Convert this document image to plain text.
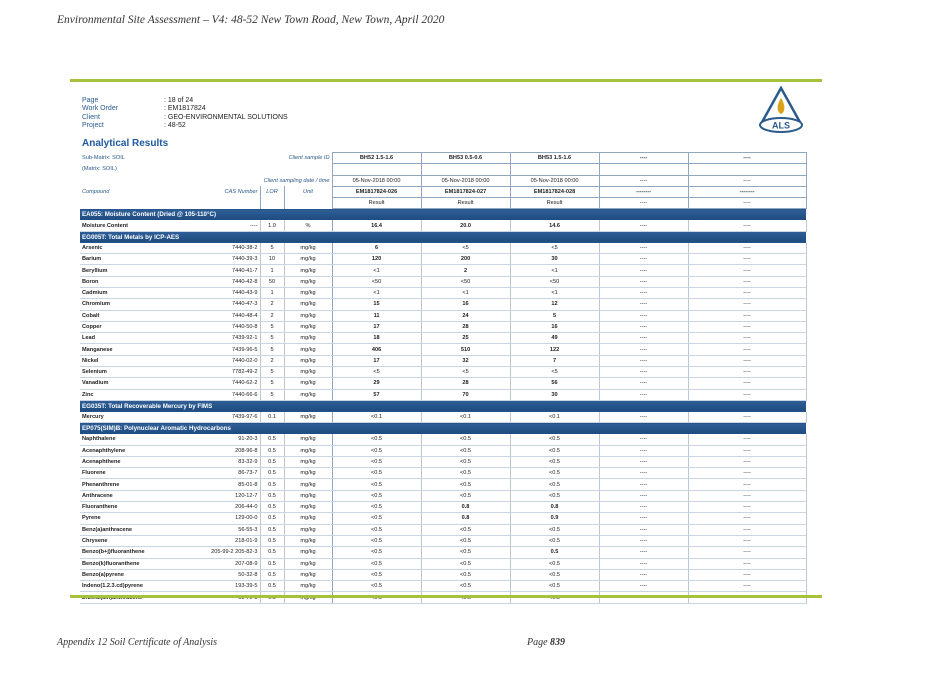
Environmental Site Assessment – V4: 48-52 New Town Road, New Town, April 2020
Page	: 18 of 24
Work Order	: EM1817824
Client	: GEO-ENVIRONMENTAL SOLUTIONS
Project	: 48-52	ALS
Analytical Results
Sub-Matrix: SOIL	Client sample ID			BH52 1.5-1.6	BH53 0.5-0.6	BH53 1.5-1.6	----	----
(Matrix: SOIL)								
Client sampling date / time				05-Nov-2018 00:00	05-Nov-2018 00:00	05-Nov-2018 00:00	----	----
Compound	CAS Number	LOR	Unit	EM1817824-026	EM1817824-027	EM1817824-028	--------	--------
				Result	Result	Result	----	----
EA055: Moisture Content (Dried @ 105-110°C)								
Moisture Content	----	1.0	%	16.4	20.0	14.6	----	----
EG005T: Total Metals by ICP-AES								
Arsenic	7440-38-2	5	mg/kg	6	<5	<5	----	----
Barium	7440-39-3	10	mg/kg	120	200	30	----	----
Beryllium	7440-41-7	1	mg/kg	<1	2	<1	----	----
Boron	7440-42-8	50	mg/kg	<50	<50	<50	----	----
Cadmium	7440-43-9	1	mg/kg	<1	<1	<1	----	----
Chromium	7440-47-3	2	mg/kg	15	16	12	----	----
Cobalt	7440-48-4	2	mg/kg	11	24	5	----	----
Copper	7440-50-8	5	mg/kg	17	28	16	----	----
Lead	7439-92-1	5	mg/kg	18	25	49	----	----
Manganese	7439-96-5	5	mg/kg	406	510	122	----	----
Nickel	7440-02-0	2	mg/kg	17	32	7	----	----
Selenium	7782-49-2	5	mg/kg	<5	<5	<5	----	----
Vanadium	7440-62-2	5	mg/kg	29	28	56	----	----
Zinc	7440-66-6	5	mg/kg	57	70	30	----	----
EG035T: Total Recoverable Mercury by FIMS								
Mercury	7439-97-6	0.1	mg/kg	<0.1	<0.1	<0.1	----	----
EP075(SIM)B: Polynuclear Aromatic Hydrocarbons								
Naphthalene	91-20-3	0.5	mg/kg	<0.5	<0.5	<0.5	----	----
Acenaphthylene	208-96-8	0.5	mg/kg	<0.5	<0.5	<0.5	----	----
Acenaphthene	83-32-9	0.5	mg/kg	<0.5	<0.5	<0.5	----	----
Fluorene	86-73-7	0.5	mg/kg	<0.5	<0.5	<0.5	----	----
Phenanthrene	85-01-8	0.5	mg/kg	<0.5	<0.5	<0.5	----	----
Anthracene	120-12-7	0.5	mg/kg	<0.5	<0.5	<0.5	----	----
Fluoranthene	206-44-0	0.5	mg/kg	<0.5	0.8	0.8	----	----
Pyrene	129-00-0	0.5	mg/kg	<0.5	0.8	0.9	----	----
Benz(a)anthracene	56-55-3	0.5	mg/kg	<0.5	<0.5	<0.5	----	----
Chrysene	218-01-9	0.5	mg/kg	<0.5	<0.5	<0.5	----	----
Benzo(b+j)fluoranthene	205-99-2 205-82-3	0.5	mg/kg	<0.5	<0.5	0.5	----	----
Benzo(k)fluoranthene	207-08-9	0.5	mg/kg	<0.5	<0.5	<0.5	----	----
Benzo(a)pyrene	50-32-8	0.5	mg/kg	<0.5	<0.5	<0.5	----	----
Indeno(1.2.3.cd)pyrene	193-39-5	0.5	mg/kg	<0.5	<0.5	<0.5	----	----

Appendix 12 Soil Certificate of Analysis	Page 839
